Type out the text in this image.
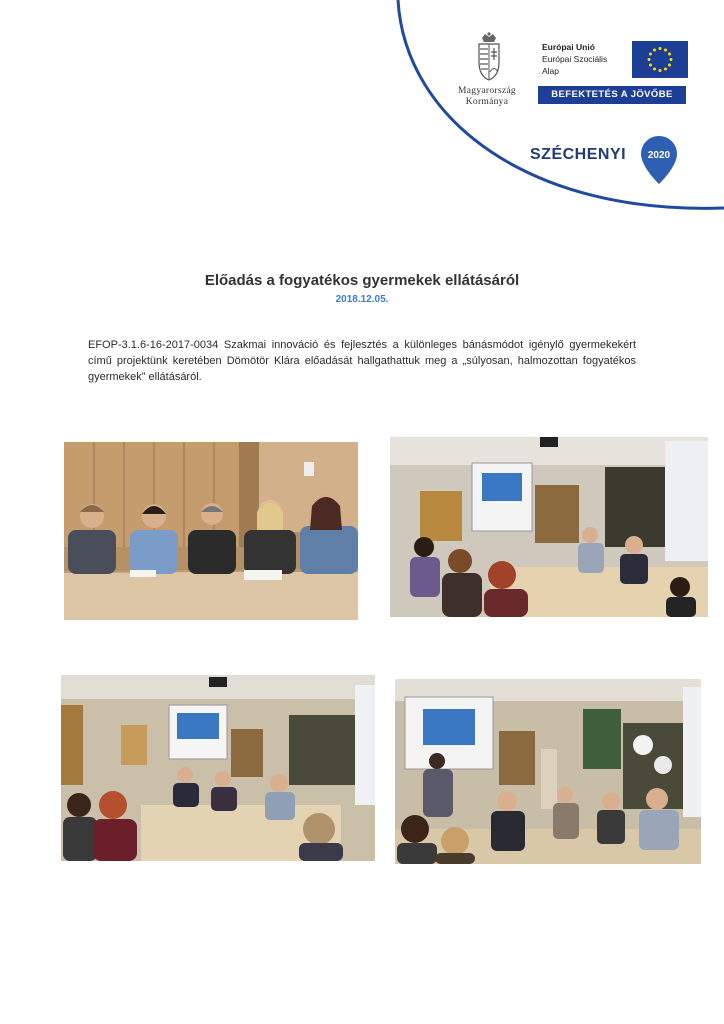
Magyarország
Kormánya
Európai Unió
Európai Szociális
Alap
BEFEKTETÉS A JÖVŐBE
SZÉCHENYI 2020
Előadás a fogyatékos gyermekek ellátásáról
2018.12.05.
EFOP-3.1.6-16-2017-0034 Szakmai innováció és fejlesztés a különleges bánásmódot igénylő gyermekekért című projektünk keretében Dömötör Klára előadását hallgathattuk meg a „súlyosan, halmozottan fogyatékos gyermekek” ellátásáról.
